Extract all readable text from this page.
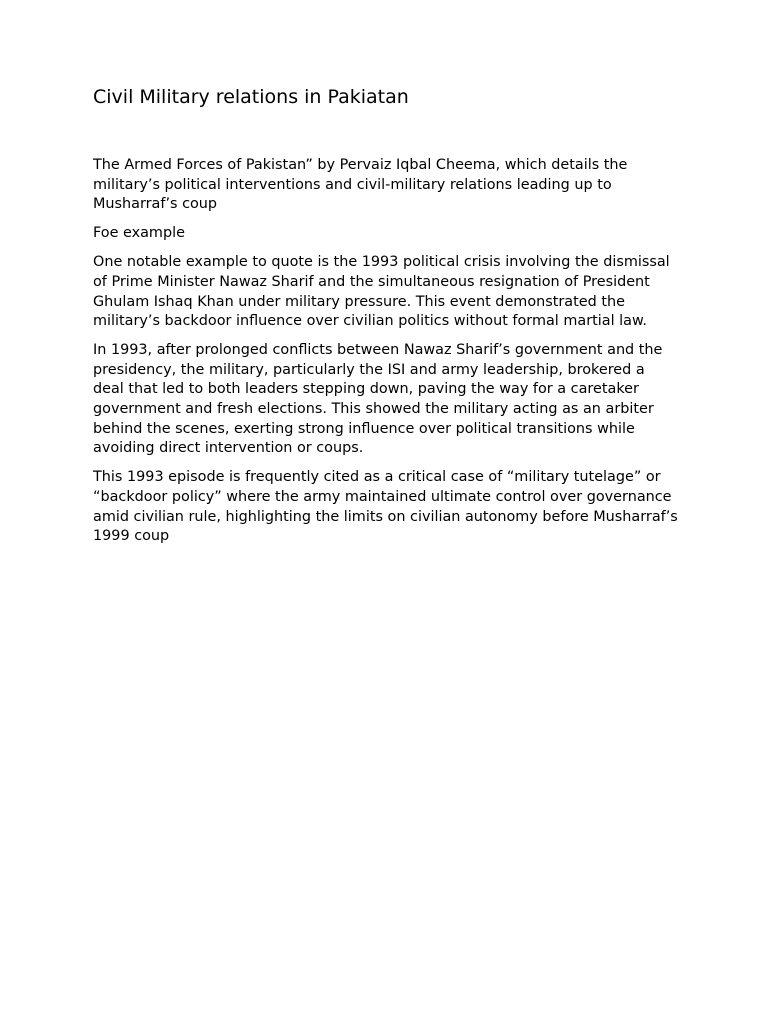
Civil Military relations in Pakiatan

The Armed Forces of Pakistan” by Pervaiz Iqbal Cheema, which details the military’s political interventions and civil-military relations leading up to Musharraf’s coup

Foe example

One notable example to quote is the 1993 political crisis involving the dismissal of Prime Minister Nawaz Sharif and the simultaneous resignation of President Ghulam Ishaq Khan under military pressure. This event demonstrated the military’s backdoor influence over civilian politics without formal martial law.

In 1993, after prolonged conflicts between Nawaz Sharif’s government and the presidency, the military, particularly the ISI and army leadership, brokered a deal that led to both leaders stepping down, paving the way for a caretaker government and fresh elections. This showed the military acting as an arbiter behind the scenes, exerting strong influence over political transitions while avoiding direct intervention or coups.

This 1993 episode is frequently cited as a critical case of “military tutelage” or “backdoor policy” where the army maintained ultimate control over governance amid civilian rule, highlighting the limits on civilian autonomy before Musharraf’s 1999 coup
